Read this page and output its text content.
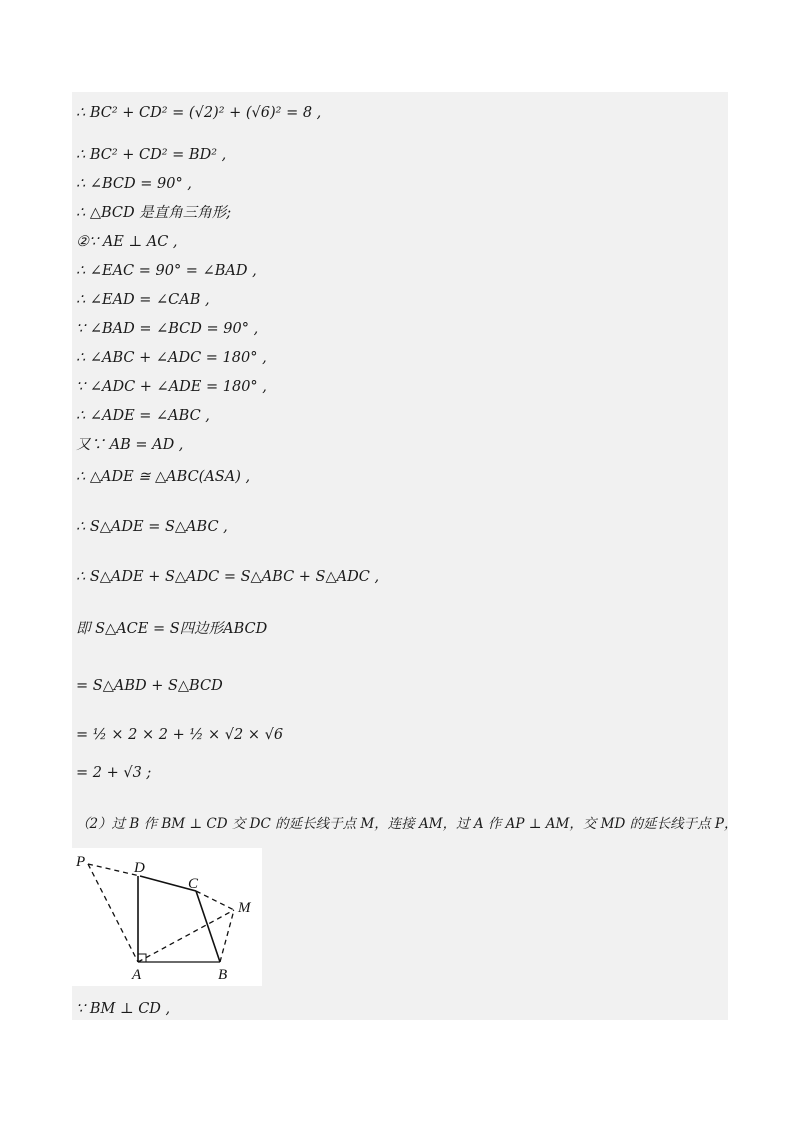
∴ BC² + CD² = (√2)² + (√6)² = 8 ,
∴ BC² + CD² = BD² ,
∴ ∠BCD = 90° ,
∴ △BCD 是直角三角形;
②∵ AE ⊥ AC ,
∴ ∠EAC = 90° = ∠BAD ,
∴ ∠EAD = ∠CAB ,
∵ ∠BAD = ∠BCD = 90° ,
∴ ∠ABC + ∠ADC = 180° ,
∵ ∠ADC + ∠ADE = 180° ,
∴ ∠ADE = ∠ABC ,
又∵ AB = AD ,
∴ △ADE ≅ △ABC(ASA) ,
∴ S△ADE = S△ABC ,
∴ S△ADE + S△ADC = S△ABC + S△ADC ,
即 S△ACE = S四边形ABCD
= S△ABD + S△BCD
= ½ × 2 × 2 + ½ × √2 × √6
= 2 + √3 ;
（2）过 B 作 BM ⊥ CD 交 DC 的延长线于点 M，连接 AM，过 A 作 AP ⊥ AM，交 MD 的延长线于点 P，
P	D
C
M
A	B
∵ BM ⊥ CD ,
